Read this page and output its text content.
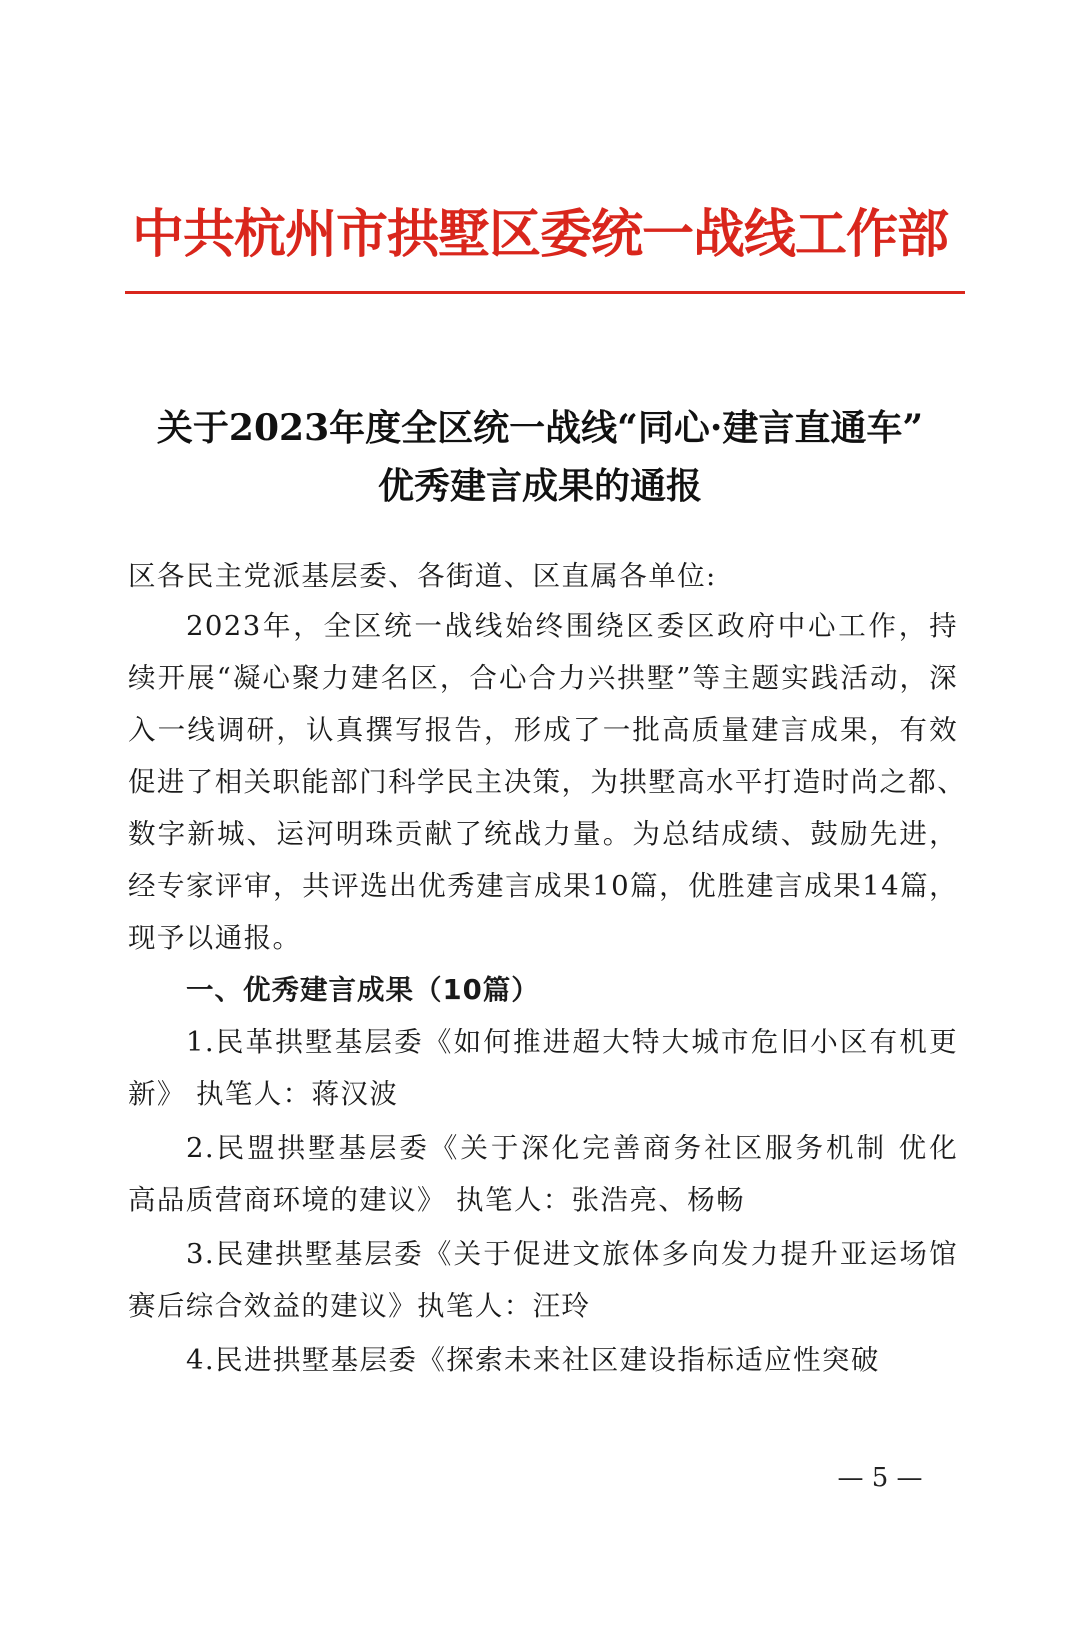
中共杭州市拱墅区委统一战线工作部
关于2023年度全区统一战线“同心·建言直通车”
优秀建言成果的通报
区各民主党派基层委、各街道、区直属各单位:
2023年，全区统一战线始终围绕区委区政府中心工作，持
续开展“凝心聚力建名区，合心合力兴拱墅”等主题实践活动，深
入一线调研，认真撰写报告，形成了一批高质量建言成果，有效
促进了相关职能部门科学民主决策，为拱墅高水平打造时尚之都、
数字新城、运河明珠贡献了统战力量。为总结成绩、鼓励先进，
经专家评审，共评选出优秀建言成果10篇，优胜建言成果14篇，
现予以通报。
一、优秀建言成果（10篇）
1.民革拱墅基层委《如何推进超大特大城市危旧小区有机更
新》 执笔人：蒋汉波
2.民盟拱墅基层委《关于深化完善商务社区服务机制 优化
高品质营商环境的建议》 执笔人：张浩亮、杨畅
3.民建拱墅基层委《关于促进文旅体多向发力提升亚运场馆
赛后综合效益的建议》执笔人：汪玲
4.民进拱墅基层委《探索未来社区建设指标适应性突破
— 5 —
